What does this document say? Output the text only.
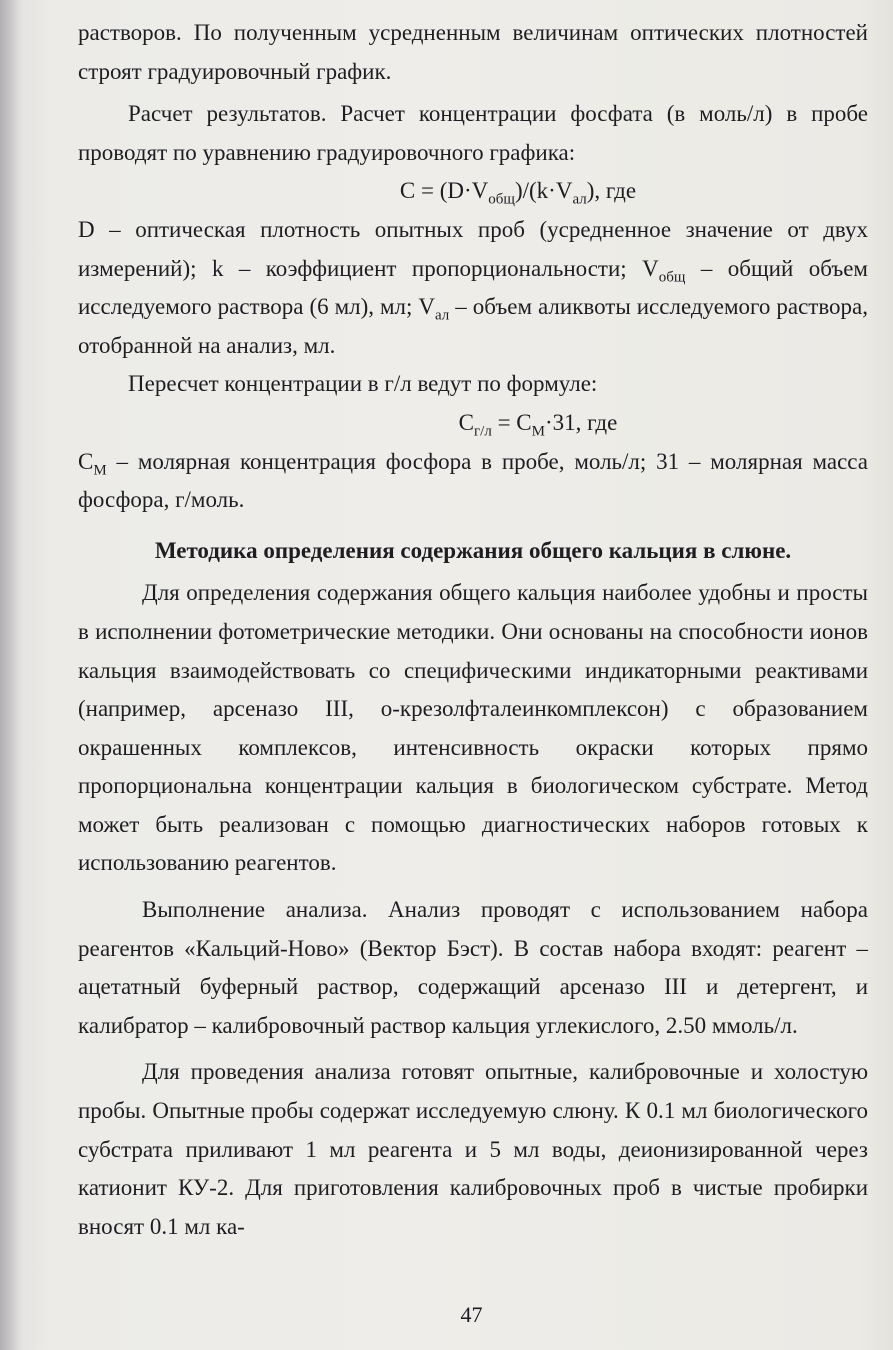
растворов. По полученным усредненным величинам оптических плотностей строят градуировочный график.

Расчет результатов. Расчет концентрации фосфата (в моль/л) в пробе проводят по уравнению градуировочного графика:

$C = (D\cdot V_{общ})/(k\cdot V_{ал})$, где

D – оптическая плотность опытных проб (усредненное значение от двух измерений); k – коэффициент пропорциональности; $V_{общ}$ – общий объем исследуемого раствора (6 мл), мл; $V_{ал}$ – объем аликвоты исследуемого раствора, отобранной на анализ, мл.

Пересчет концентрации в г/л ведут по формуле:

$C_{г/л} = C_M\cdot 31$, где

$C_M$ – молярная концентрация фосфора в пробе, моль/л; 31 – молярная масса фосфора, г/моль.

Методика определения содержания общего кальция в слюне.

Для определения содержания общего кальция наиболее удобны и просты в исполнении фотометрические методики. Они основаны на способности ионов кальция взаимодействовать со специфическими индикаторными реактивами (например, арсеназо III, о-крезолфталеинкомплексон) с образованием окрашенных комплексов, интенсивность окраски которых прямо пропорциональна концентрации кальция в биологическом субстрате. Метод может быть реализован с помощью диагностических наборов готовых к использованию реагентов.

Выполнение анализа. Анализ проводят с использованием набора реагентов «Кальций-Ново» (Вектор Бэст). В состав набора входят: реагент – ацетатный буферный раствор, содержащий арсеназо III и детергент, и калибратор – калибровочный раствор кальция углекислого, 2.50 ммоль/л.

Для проведения анализа готовят опытные, калибровочные и холостую пробы. Опытные пробы содержат исследуемую слюну. К 0.1 мл биологического субстрата приливают 1 мл реагента и 5 мл воды, деионизированной через катионит КУ-2. Для приготовления калибровочных проб в чистые пробирки вносят 0.1 мл ка-

47
